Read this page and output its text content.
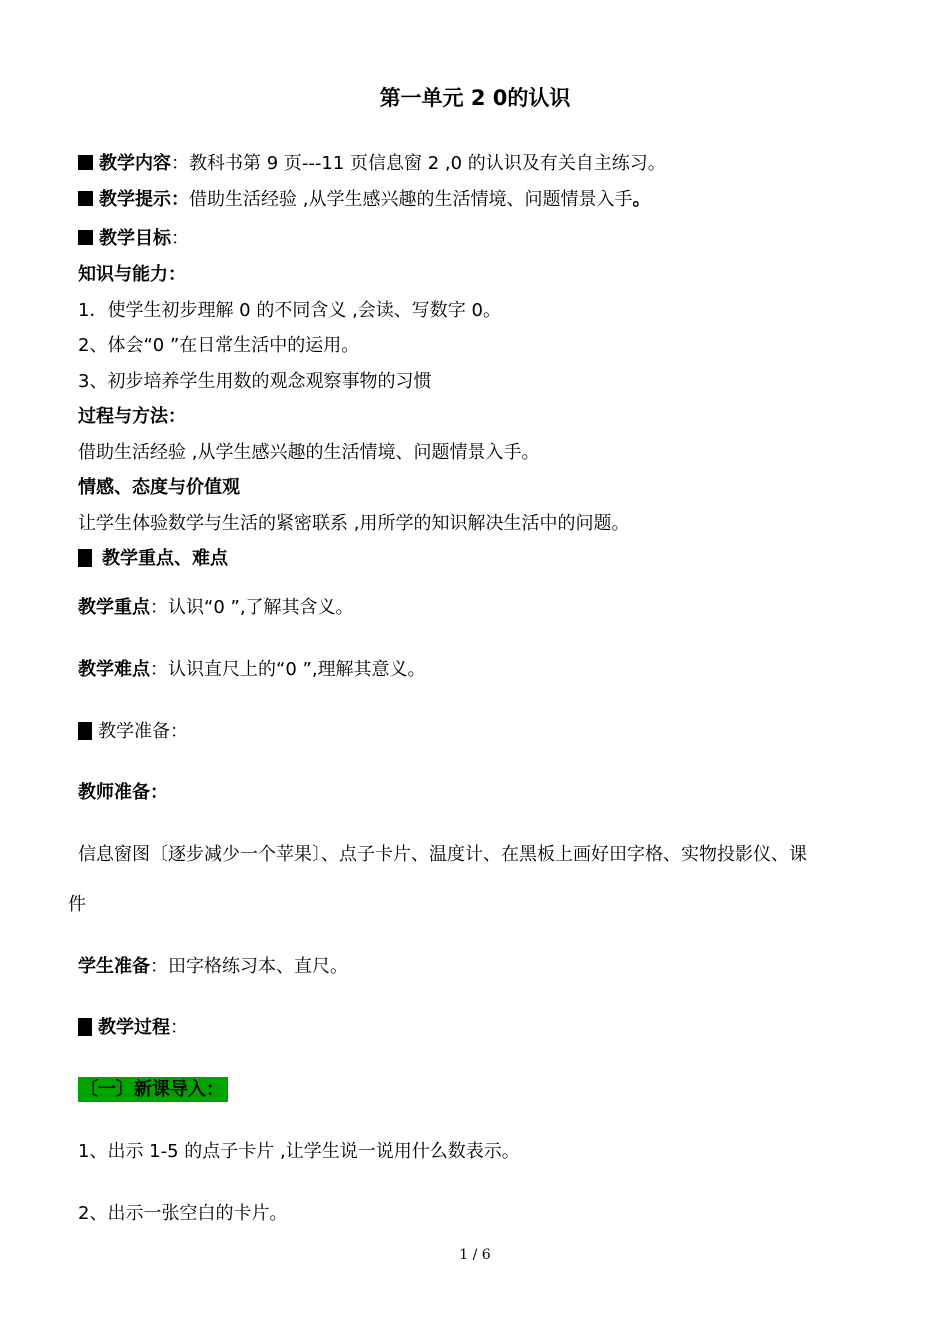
第一单元 2 0的认识
教学内容：教科书第 9 页---11 页信息窗 2 ,0 的认识及有关自主练习。
教学提示：借助生活经验 ,从学生感兴趣的生活情境、问题情景入手。
教学目标：
知识与能力：
1．使学生初步理解 0 的不同含义 ,会读、写数字 0。
2、体会“0 ”在日常生活中的运用。
3、初步培养学生用数的观念观察事物的习惯
过程与方法：
借助生活经验 ,从学生感兴趣的生活情境、问题情景入手。
情感、态度与价值观
让学生体验数学与生活的紧密联系 ,用所学的知识解决生活中的问题。
教学重点、难点
教学重点：认识“0 ”,了解其含义。
教学难点：认识直尺上的“0 ”,理解其意义。
教学准备：
教师准备：
信息窗图〔逐步减少一个苹果〕、点子卡片、温度计、在黑板上画好田字格、实物投影仪、课
件
学生准备：田字格练习本、直尺。
教学过程：
〔一〕新课导入：
1、出示 1-5 的点子卡片 ,让学生说一说用什么数表示。
2、出示一张空白的卡片。
1 / 6
